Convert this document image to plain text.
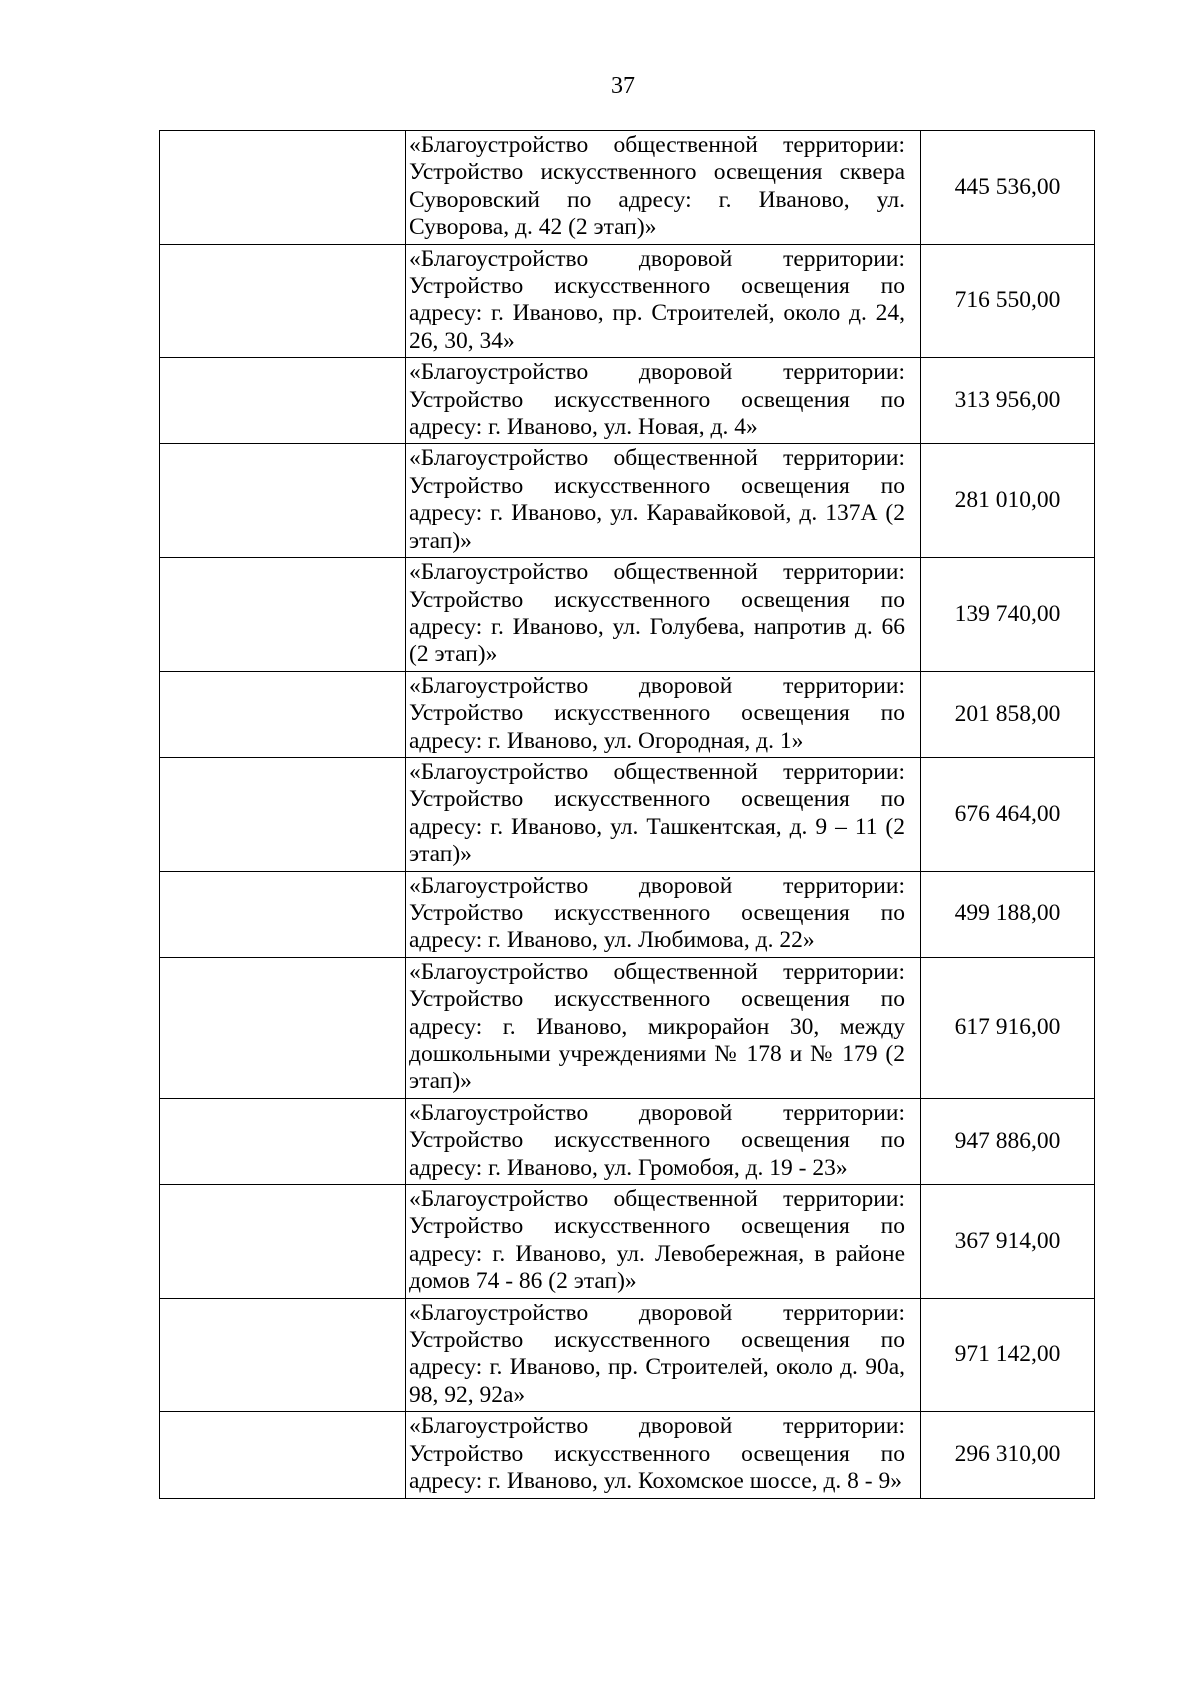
37
	«Благоустройство общественной территории: Устройство искусственного освещения сквера Суворовский по адресу: г. Иваново, ул. Суворова, д. 42 (2 этап)»	445 536,00
	«Благоустройство дворовой территории: Устройство искусственного освещения по адресу: г. Иваново, пр. Строителей, около д. 24, 26, 30, 34»	716 550,00
	«Благоустройство дворовой территории: Устройство искусственного освещения по адресу: г. Иваново, ул. Новая, д. 4»	313 956,00
	«Благоустройство общественной территории: Устройство искусственного освещения по адресу: г. Иваново, ул. Каравайковой, д. 137А (2 этап)»	281 010,00
	«Благоустройство общественной территории: Устройство искусственного освещения по адресу: г. Иваново, ул. Голубева, напротив д. 66 (2 этап)»	139 740,00
	«Благоустройство дворовой территории: Устройство искусственного освещения по адресу: г. Иваново, ул. Огородная, д. 1»	201 858,00
	«Благоустройство общественной территории: Устройство искусственного освещения по адресу: г. Иваново, ул. Ташкентская, д. 9 – 11 (2 этап)»	676 464,00
	«Благоустройство дворовой территории: Устройство искусственного освещения по адресу: г. Иваново, ул. Любимова, д. 22»	499 188,00
	«Благоустройство общественной территории: Устройство искусственного освещения по адресу: г. Иваново, микрорайон 30, между дошкольными учреждениями № 178 и № 179 (2 этап)»	617 916,00
	«Благоустройство дворовой территории: Устройство искусственного освещения по адресу: г. Иваново, ул. Громобоя, д. 19 - 23»	947 886,00
	«Благоустройство общественной территории: Устройство искусственного освещения по адресу: г. Иваново, ул. Левобережная, в районе домов 74 - 86 (2 этап)»	367 914,00
	«Благоустройство дворовой территории: Устройство искусственного освещения по адресу: г. Иваново, пр. Строителей, около д. 90а, 98, 92, 92а»	971 142,00
	«Благоустройство дворовой территории: Устройство искусственного освещения по адресу: г. Иваново, ул. Кохомское шоссе, д. 8 - 9»	296 310,00
